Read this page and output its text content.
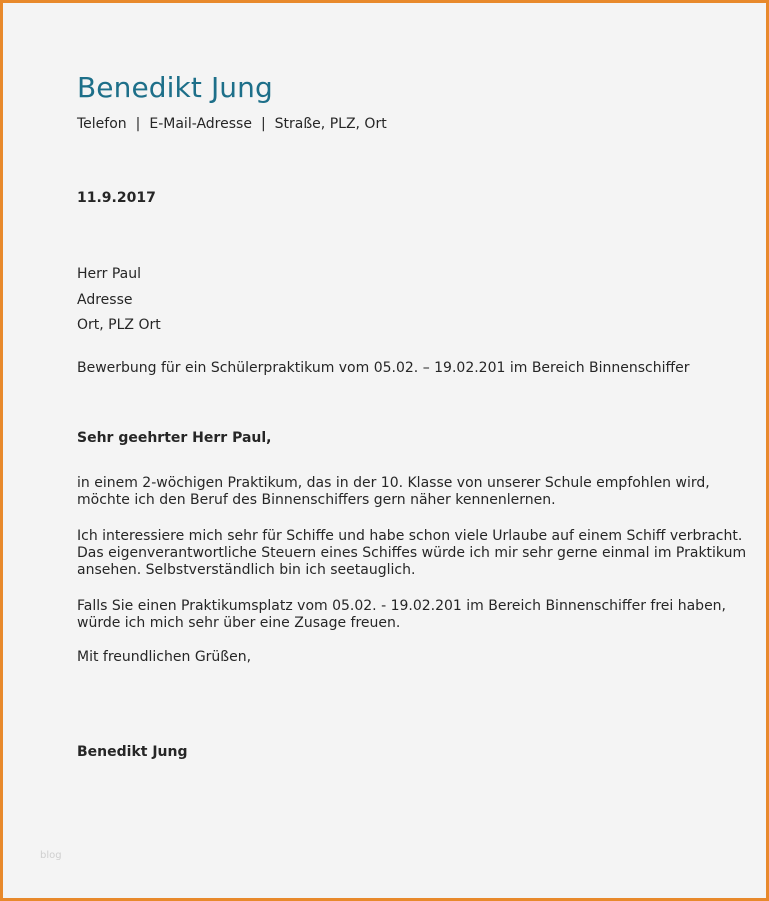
Benedikt Jung
Telefon | E-Mail-Adresse | Straße, PLZ, Ort
11.9.2017
Herr Paul
Adresse
Ort, PLZ Ort
Bewerbung für ein Schülerpraktikum vom 05.02. – 19.02.201 im Bereich Binnenschiffer
Sehr geehrter Herr Paul,
in einem 2-wöchigen Praktikum, das in der 10. Klasse von unserer Schule empfohlen wird, möchte ich den Beruf des Binnenschiffers gern näher kennenlernen.
Ich interessiere mich sehr für Schiffe und habe schon viele Urlaube auf einem Schiff verbracht. Das eigenverantwortliche Steuern eines Schiffes würde ich mir sehr gerne einmal im Praktikum ansehen. Selbstverständlich bin ich seetauglich.
Falls Sie einen Praktikumsplatz vom 05.02. - 19.02.201 im Bereich Binnenschiffer frei haben, würde ich mich sehr über eine Zusage freuen.
Mit freundlichen Grüßen,
Benedikt Jung
blog
